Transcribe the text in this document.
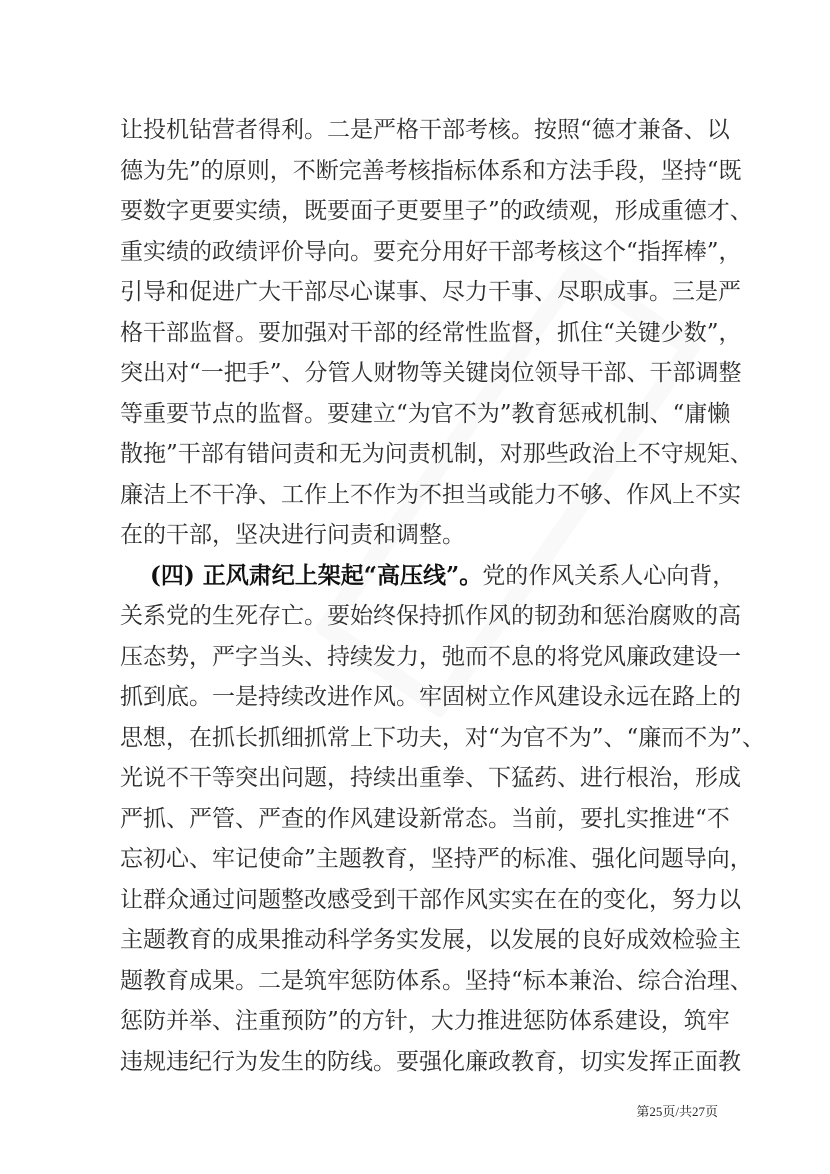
让投机钻营者得利。二是严格干部考核。按照“德才兼备、以
德为先”的原则，不断完善考核指标体系和方法手段，坚持“既
要数字更要实绩，既要面子更要里子”的政绩观，形成重德才、
重实绩的政绩评价导向。要充分用好干部考核这个“指挥棒”，
引导和促进广大干部尽心谋事、尽力干事、尽职成事。三是严
格干部监督。要加强对干部的经常性监督，抓住“关键少数”，
突出对“一把手”、分管人财物等关键岗位领导干部、干部调整
等重要节点的监督。要建立“为官不为”教育惩戒机制、“庸懒
散拖”干部有错问责和无为问责机制，对那些政治上不守规矩、
廉洁上不干净、工作上不作为不担当或能力不够、作风上不实
在的干部，坚决进行问责和调整。
(四) 正风肃纪上架起“高压线”。党的作风关系人心向背，
关系党的生死存亡。要始终保持抓作风的韧劲和惩治腐败的高
压态势，严字当头、持续发力，弛而不息的将党风廉政建设一
抓到底。一是持续改进作风。牢固树立作风建设永远在路上的
思想，在抓长抓细抓常上下功夫，对“为官不为”、“廉而不为”、
光说不干等突出问题，持续出重拳、下猛药、进行根治，形成
严抓、严管、严查的作风建设新常态。当前，要扎实推进“不
忘初心、牢记使命”主题教育，坚持严的标准、强化问题导向，
让群众通过问题整改感受到干部作风实实在在的变化，努力以
主题教育的成果推动科学务实发展，以发展的良好成效检验主
题教育成果。二是筑牢惩防体系。坚持“标本兼治、综合治理、
惩防并举、注重预防”的方针，大力推进惩防体系建设，筑牢
违规违纪行为发生的防线。要强化廉政教育，切实发挥正面教
第25页/共27页
